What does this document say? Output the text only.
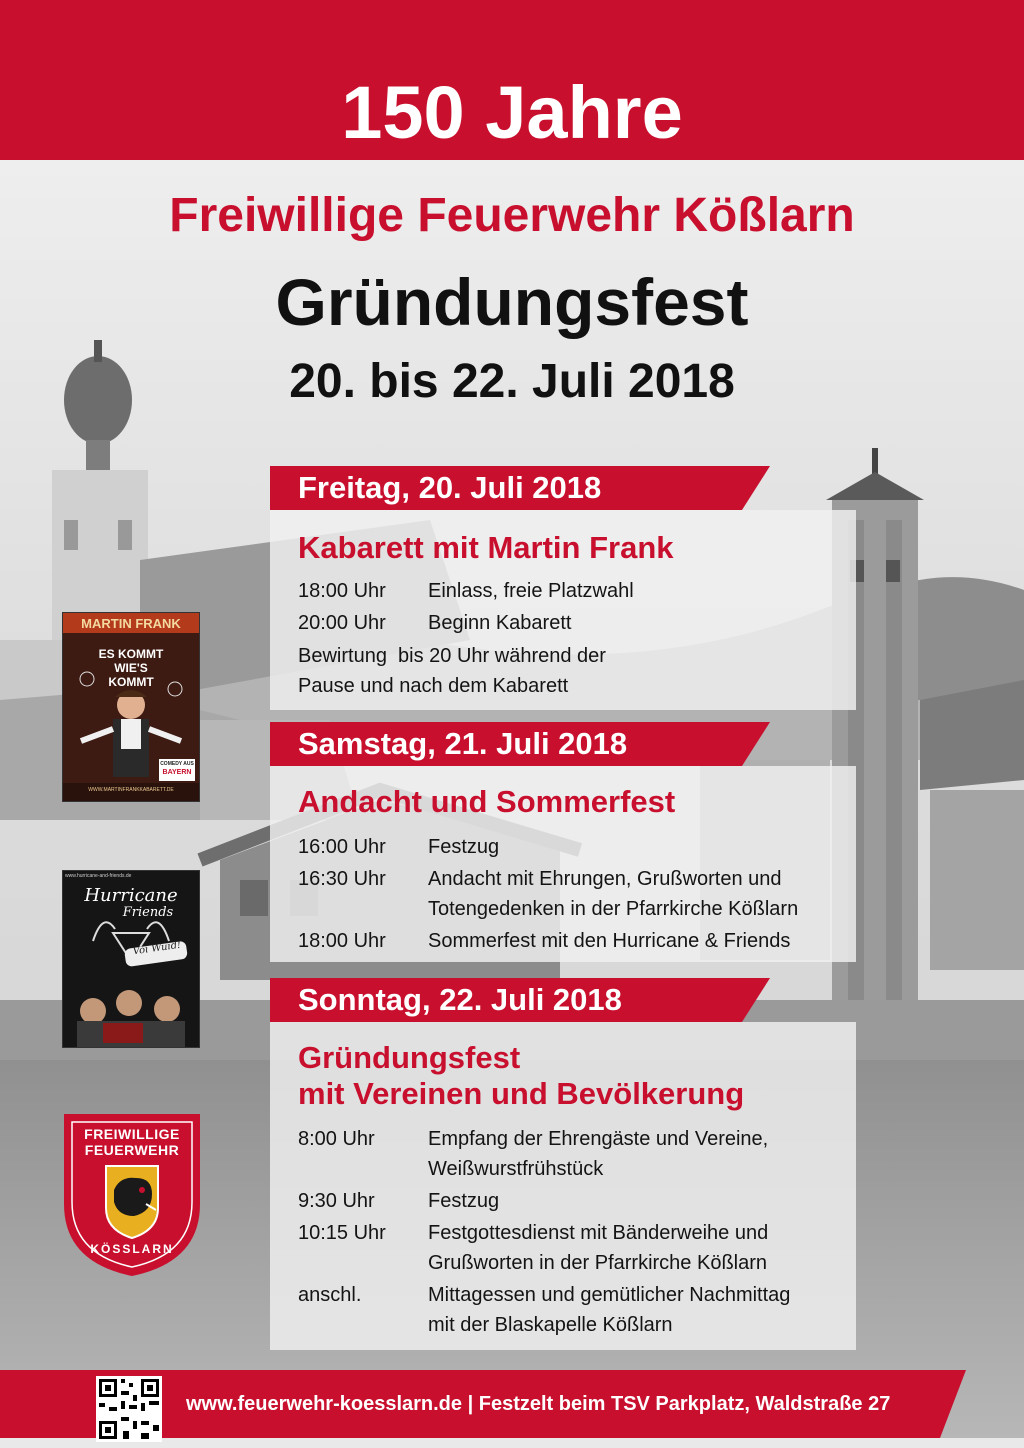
150 Jahre
Freiwillige Feuerwehr Kößlarn
Gründungsfest
20. bis 22. Juli 2018
Freitag, 20. Juli 2018
Kabarett mit Martin Frank
18:00 Uhr	Einlass, freie Platzwahl
20:00 Uhr	Beginn Kabarett
Bewirtung  bis 20 Uhr während der
Pause und nach dem Kabarett
Samstag, 21. Juli 2018
Andacht und Sommerfest
16:00 Uhr	Festzug
16:30 Uhr	Andacht mit Ehrungen, Grußworten und
Totengedenken in der Pfarrkirche Kößlarn
18:00 Uhr	Sommerfest mit den Hurricane & Friends
Sonntag, 22. Juli 2018
Gründungsfest
mit Vereinen und Bevölkerung
8:00 Uhr	Empfang der Ehrengäste und Vereine,
Weißwurstfrühstück
9:30 Uhr	Festzug
10:15 Uhr	Festgottesdienst mit Bänderweihe und
Grußworten in der Pfarrkirche Kößlarn
anschl.	Mittagessen und gemütlicher Nachmittag
mit der Blaskapelle Kößlarn
MARTIN FRANK
ES KOMMT
WIE'S
KOMMT
COMEDY AUS
BAYERN
WWW.MARTINFRANKKABARETT.DE
www.hurricane-and-friends.de
Hurricane
Friends
Voi Wuid!
FREIWILLIGE
FEUERWEHR
KÖSSLARN
www.feuerwehr-koesslarn.de | Festzelt beim TSV Parkplatz, Waldstraße 27
